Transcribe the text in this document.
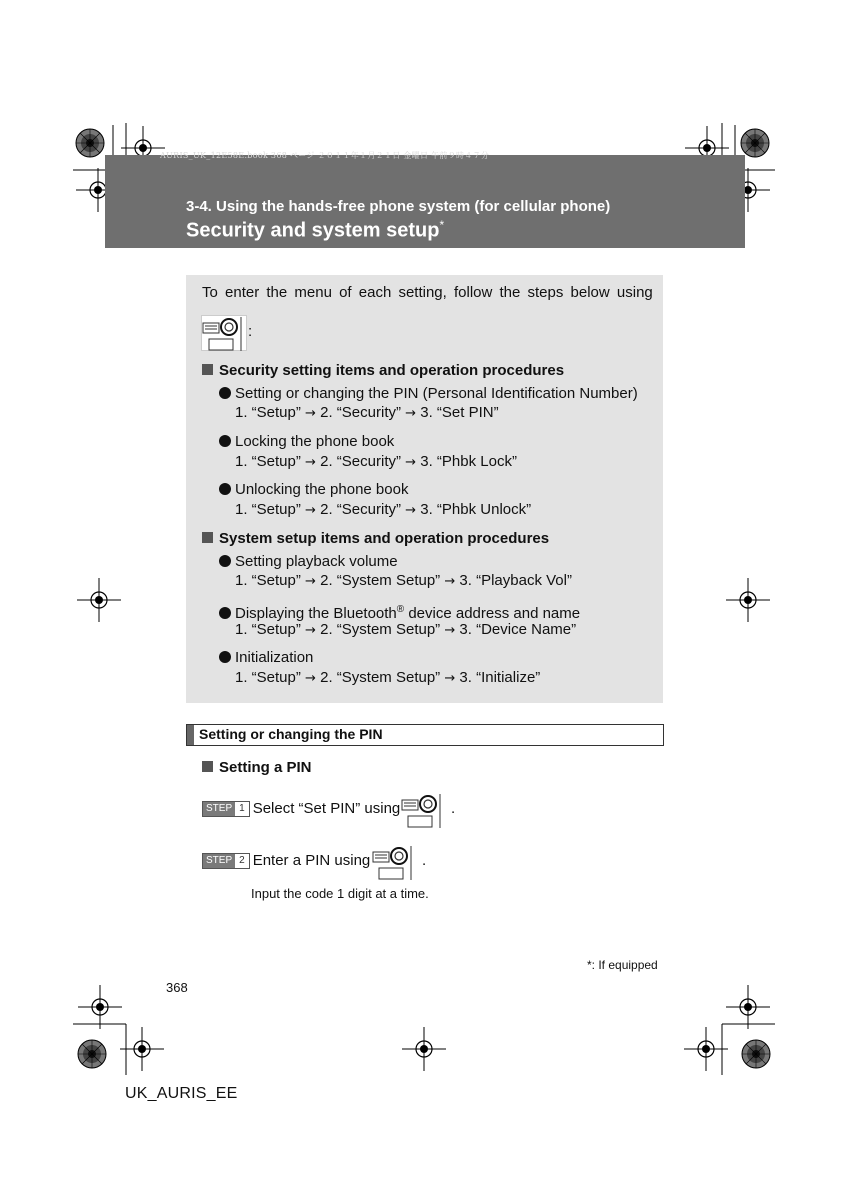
AURIS_UK_12E58E.book 368 ページ ２０１１年１月２１日 金曜日 午前９時４７分
3-4. Using the hands-free phone system (for cellular phone)
Security and system setup*
To enter the menu of each setting, follow the steps below using
:
Security setting items and operation procedures
Setting or changing the PIN (Personal Identification Number)
1. “Setup” → 2. “Security” → 3. “Set PIN”
Locking the phone book
1. “Setup” → 2. “Security” → 3. “Phbk Lock”
Unlocking the phone book
1. “Setup” → 2. “Security” → 3. “Phbk Unlock”
System setup items and operation procedures
Setting playback volume
1. “Setup” → 2. “System Setup” → 3. “Playback Vol”
Displaying the Bluetooth® device address and name
1. “Setup” → 2. “System Setup” → 3. “Device Name”
Initialization
1. “Setup” → 2. “System Setup” → 3. “Initialize”
Setting or changing the PIN
Setting a PIN
STEP 1 Select “Set PIN” using	.
STEP 2 Enter a PIN using	.
Input the code 1 digit at a time.
*: If equipped
368
UK_AURIS_EE
